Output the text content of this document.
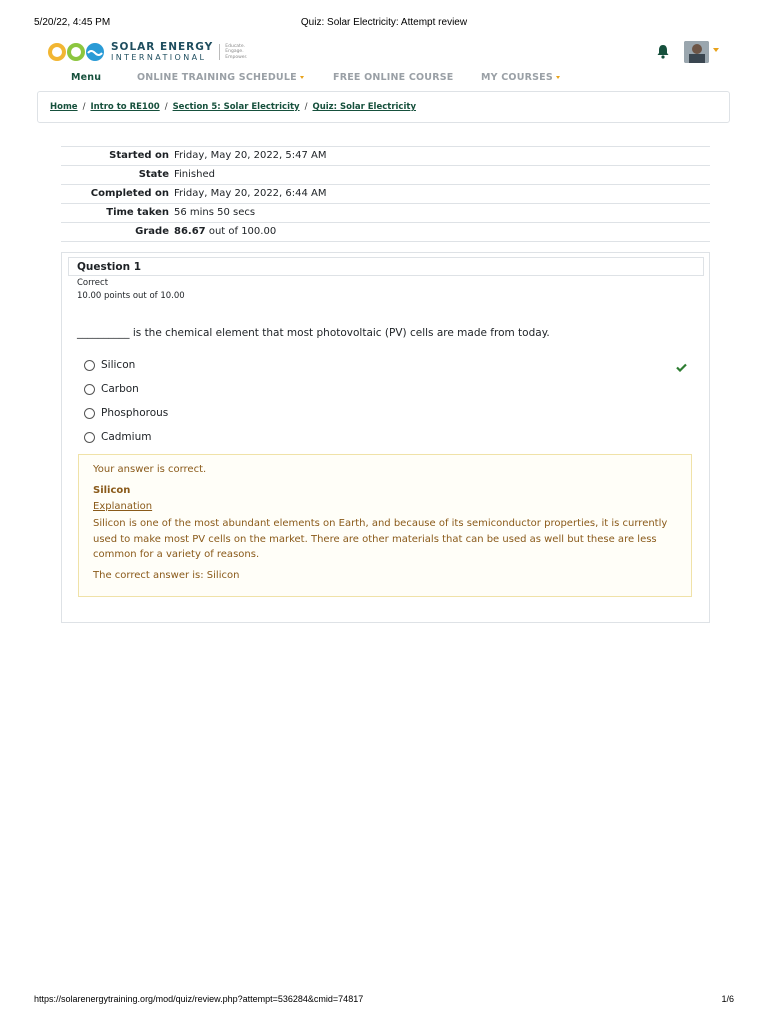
5/20/22, 4:45 PM	Quiz: Solar Electricity: Attempt review
SOLAR ENERGY
INTERNATIONAL
Educate.
Engage.
Empower.
Menu	ONLINE TRAINING SCHEDULE	FREE ONLINE COURSE	MY COURSES
Home / Intro to RE100 / Section 5: Solar Electricity / Quiz: Solar Electricity
Started on Friday, May 20, 2022, 5:47 AM
State Finished
Completed on Friday, May 20, 2022, 6:44 AM
Time taken 56 mins 50 secs
Grade 86.67 out of 100.00
Question 1
Correct
10.00 points out of 10.00
__________ is the chemical element that most photovoltaic (PV) cells are made from today.
Silicon
Carbon
Phosphorous
Cadmium
Your answer is correct.
Silicon
Explanation
Silicon is one of the most abundant elements on Earth, and because of its semiconductor properties, it is currently used to make most PV cells on the market. There are other materials that can be used as well but these are less common for a variety of reasons.
The correct answer is: Silicon
https://solarenergytraining.org/mod/quiz/review.php?attempt=536284&cmid=74817	1/6
